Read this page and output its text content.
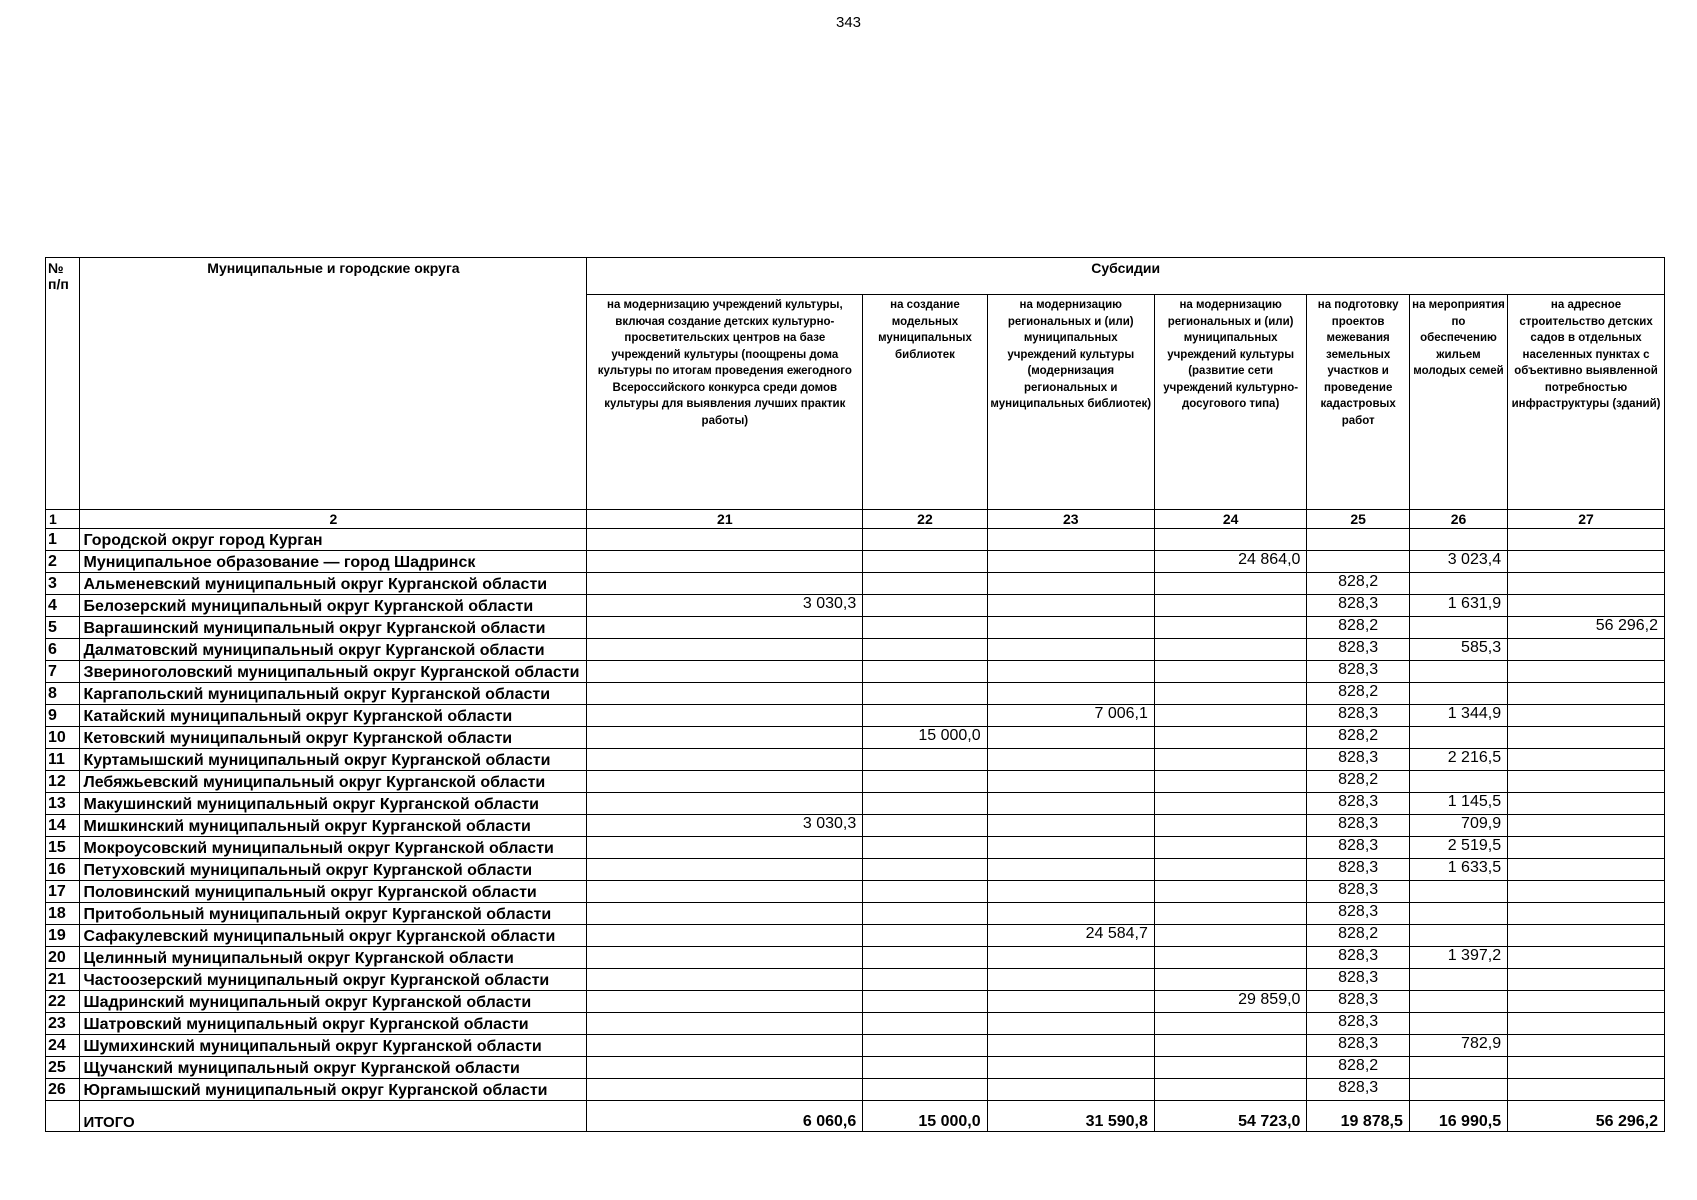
343
№ п/п	Муниципальные и городские округа	Субсидии						
		на модернизацию учреждений культуры, включая создание детских культурно-просветительских центров на базе учреждений культуры (поощрены дома культуры по итогам проведения ежегодного Всероссийского конкурса среди домов культуры для выявления лучших практик работы)	на создание модельных муниципальных библиотек	на модернизацию региональных и (или) муниципальных учреждений культуры (модернизация региональных и муниципальных библиотек)	на модернизацию региональных и (или) муниципальных учреждений культуры (развитие сети учреждений культурно-досугового типа)	на подготовку проектов межевания земельных участков и проведение кадастровых работ	на мероприятия по обеспечению жильем молодых семей	на адресное строительство детских садов в отдельных населенных пунктах с объективно выявленной потребностью инфраструктуры (зданий)
1	2	21	22	23	24	25	26	27
1	Городской округ город Курган							
2	Муниципальное образование — город Шадринск				24 864,0		3 023,4	
3	Альменевский муниципальный округ Курганской области					828,2		
4	Белозерский муниципальный округ Курганской области	3 030,3				828,3	1 631,9	
5	Варгашинский муниципальный округ Курганской области					828,2		56 296,2
6	Далматовский муниципальный округ Курганской области					828,3	585,3	
7	Звериноголовский муниципальный округ Курганской области					828,3		
8	Каргапольский муниципальный округ Курганской области					828,2		
9	Катайский муниципальный округ Курганской области			7 006,1		828,3	1 344,9	
10	Кетовский муниципальный округ Курганской области		15 000,0			828,2		
11	Куртамышский муниципальный округ Курганской области					828,3	2 216,5	
12	Лебяжьевский муниципальный округ Курганской области					828,2		
13	Макушинский муниципальный округ Курганской области					828,3	1 145,5	
14	Мишкинский муниципальный округ Курганской области	3 030,3				828,3	709,9	
15	Мокроусовский муниципальный округ Курганской области					828,3	2 519,5	
16	Петуховский муниципальный округ Курганской области					828,3	1 633,5	
17	Половинский муниципальный округ Курганской области					828,3		
18	Притобольный муниципальный округ Курганской области					828,3		
19	Сафакулевский муниципальный округ Курганской области			24 584,7		828,2		
20	Целинный муниципальный округ Курганской области					828,3	1 397,2	
21	Частоозерский муниципальный округ Курганской области					828,3		
22	Шадринский муниципальный округ Курганской области				29 859,0	828,3		
23	Шатровский муниципальный округ Курганской области					828,3		
24	Шумихинский муниципальный округ Курганской области					828,3	782,9	
25	Щучанский муниципальный округ Курганской области					828,2		
26	Юргамышский муниципальный округ Курганской области					828,3		
	ИТОГО	6 060,6	15 000,0	31 590,8	54 723,0	19 878,5	16 990,5	56 296,2
